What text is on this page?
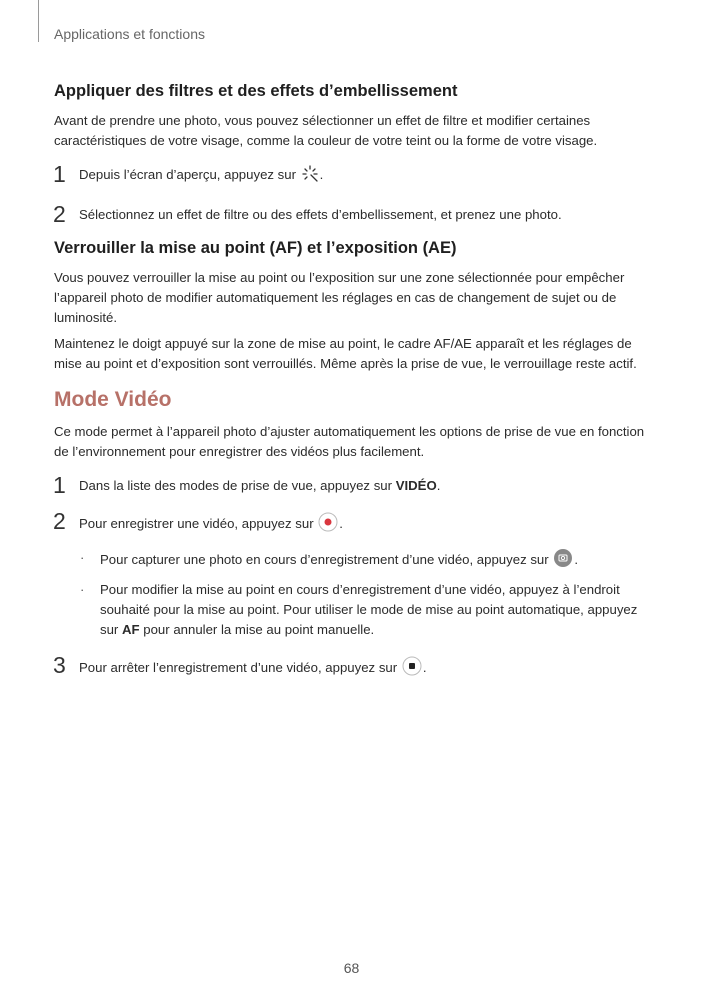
Applications et fonctions
Appliquer des filtres et des effets d’embellissement

Avant de prendre une photo, vous pouvez sélectionner un effet de filtre et modifier certaines caractéristiques de votre visage, comme la couleur de votre teint ou la forme de votre visage.

1	Depuis l’écran d’aperçu, appuyez sur .
2	Sélectionnez un effet de filtre ou des effets d’embellissement, et prenez une photo.
Verrouiller la mise au point (AF) et l’exposition (AE)

Vous pouvez verrouiller la mise au point ou l’exposition sur une zone sélectionnée pour empêcher l’appareil photo de modifier automatiquement les réglages en cas de changement de sujet ou de luminosité.

Maintenez le doigt appuyé sur la zone de mise au point, le cadre AF/AE apparaît et les réglages de mise au point et d’exposition sont verrouillés. Même après la prise de vue, le verrouillage reste actif.

Mode Vidéo

Ce mode permet à l’appareil photo d’ajuster automatiquement les options de prise de vue en fonction de l’environnement pour enregistrer des vidéos plus facilement.

1	Dans la liste des modes de prise de vue, appuyez sur VIDÉO.
2	Pour enregistrer une vidéo, appuyez sur .
·	Pour capturer une photo en cours d’enregistrement d’une vidéo, appuyez sur .
·	Pour modifier la mise au point en cours d’enregistrement d’une vidéo, appuyez à l’endroit souhaité pour la mise au point. Pour utiliser le mode de mise au point automatique, appuyez sur AF pour annuler la mise au point manuelle.
3	Pour arrêter l’enregistrement d’une vidéo, appuyez sur .
68
